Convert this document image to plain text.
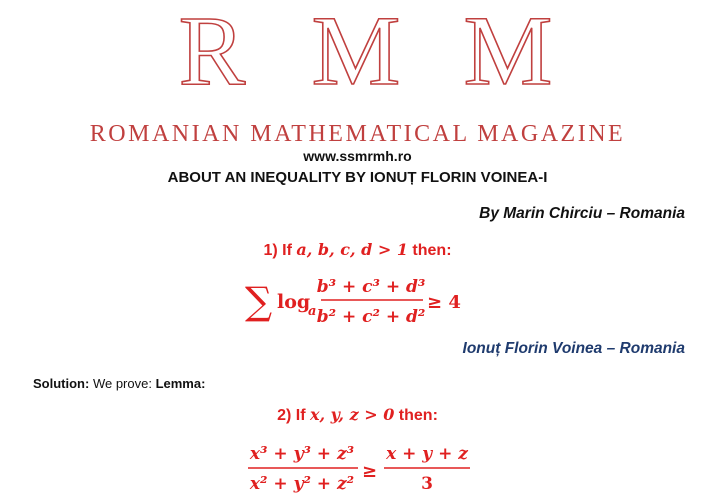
R M M
ROMANIAN MATHEMATICAL MAGAZINE
www.ssmrmh.ro
ABOUT AN INEQUALITY BY IONUȚ FLORIN VOINEA-I
By Marin Chirciu – Romania
1) If a, b, c, d > 1 then:
∑ log
a
b³ + c³ + d³
b² + c² + d²
≥ 4
Ionuț Florin Voinea – Romania
Solution: We prove: Lemma:
2) If x, y, z > 0 then:
x³ + y³ + z³
x² + y² + z²
≥
x + y + z
3
